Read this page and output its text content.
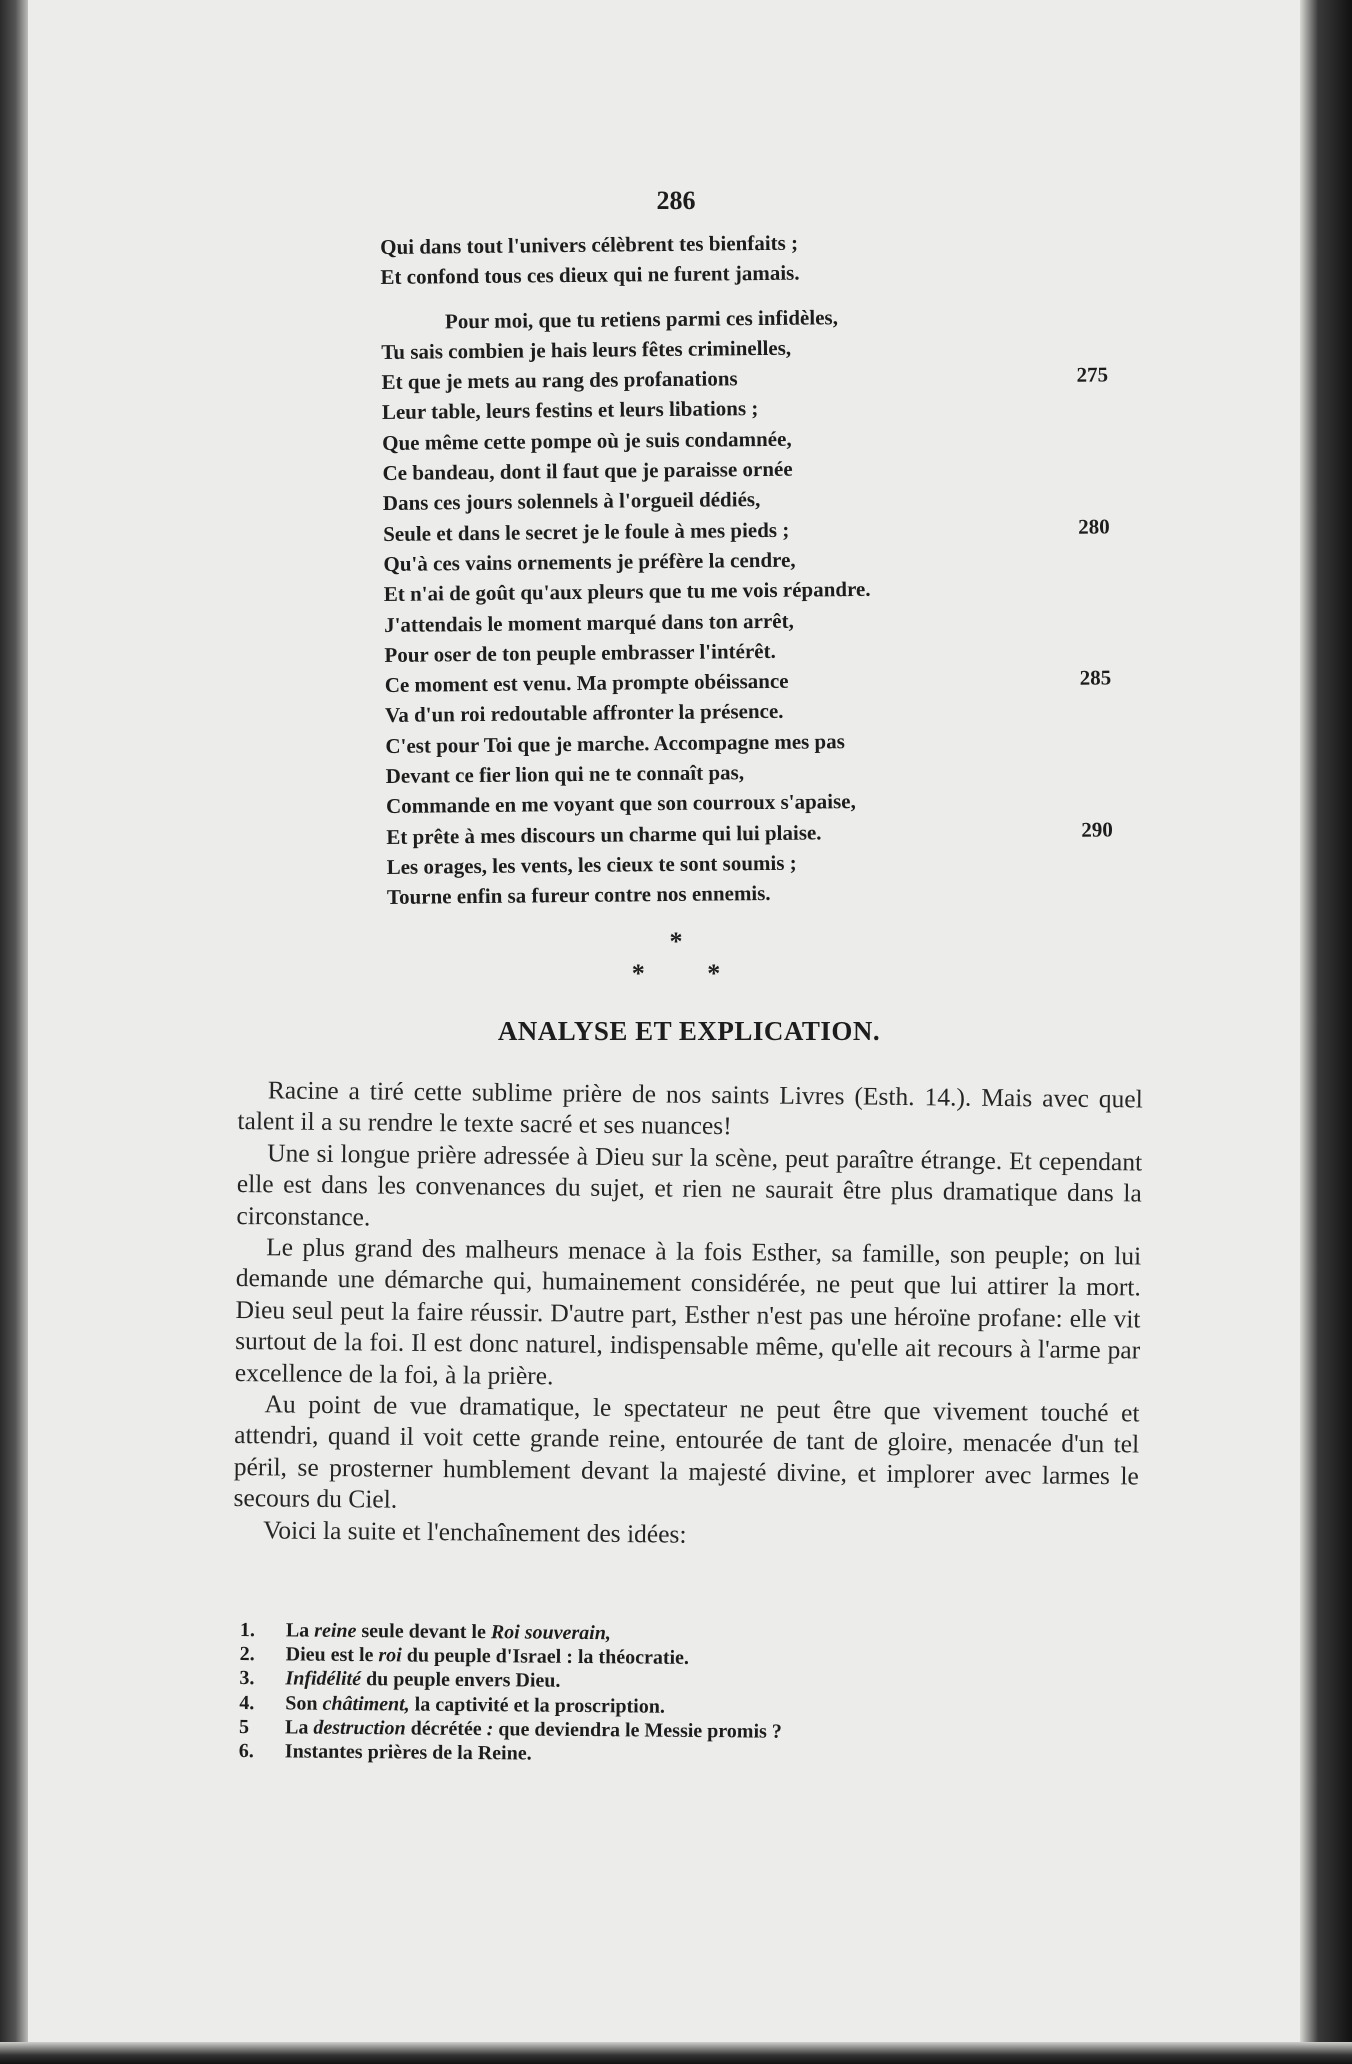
286
Qui dans tout l'univers célèbrent tes bienfaits ;
Et confond tous ces dieux qui ne furent jamais.
Pour moi, que tu retiens parmi ces infidèles,
Tu sais combien je hais leurs fêtes criminelles,
Et que je mets au rang des profanations	275
Leur table, leurs festins et leurs libations ;
Que même cette pompe où je suis condamnée,
Ce bandeau, dont il faut que je paraisse ornée
Dans ces jours solennels à l'orgueil dédiés,
Seule et dans le secret je le foule à mes pieds ;	280
Qu'à ces vains ornements je préfère la cendre,
Et n'ai de goût qu'aux pleurs que tu me vois répandre.
J'attendais le moment marqué dans ton arrêt,
Pour oser de ton peuple embrasser l'intérêt.
Ce moment est venu. Ma prompte obéissance	285
Va d'un roi redoutable affronter la présence.
C'est pour Toi que je marche. Accompagne mes pas
Devant ce fier lion qui ne te connaît pas,
Commande en me voyant que son courroux s'apaise,
Et prête à mes discours un charme qui lui plaise.	290
Les orages, les vents, les cieux te sont soumis ;
Tourne enfin sa fureur contre nos ennemis.
*
* *
ANALYSE ET EXPLICATION.

Racine a tiré cette sublime prière de nos saints Livres (Esth. 14.). Mais avec quel talent il a su rendre le texte sacré et ses nuances!

Une si longue prière adressée à Dieu sur la scène, peut paraître étrange. Et cependant elle est dans les convenances du sujet, et rien ne saurait être plus dramatique dans la circonstance.

Le plus grand des malheurs menace à la fois Esther, sa famille, son peuple; on lui demande une démarche qui, humainement considérée, ne peut que lui attirer la mort. Dieu seul peut la faire réussir. D'autre part, Esther n'est pas une héroïne profane: elle vit surtout de la foi. Il est donc naturel, indispensable même, qu'elle ait recours à l'arme par excellence de la foi, à la prière.

Au point de vue dramatique, le spectateur ne peut être que vivement touché et attendri, quand il voit cette grande reine, entourée de tant de gloire, menacée d'un tel péril, se prosterner humblement devant la majesté divine, et implorer avec larmes le secours du Ciel.

Voici la suite et l'enchaînement des idées:

1.	La reine seule devant le Roi souverain,
2.	Dieu est le roi du peuple d'Israel : la théocratie.
3.	Infidélité du peuple envers Dieu.
4.	Son châtiment, la captivité et la proscription.
5	La destruction décrétée : que deviendra le Messie promis ?
6.	Instantes prières de la Reine.
